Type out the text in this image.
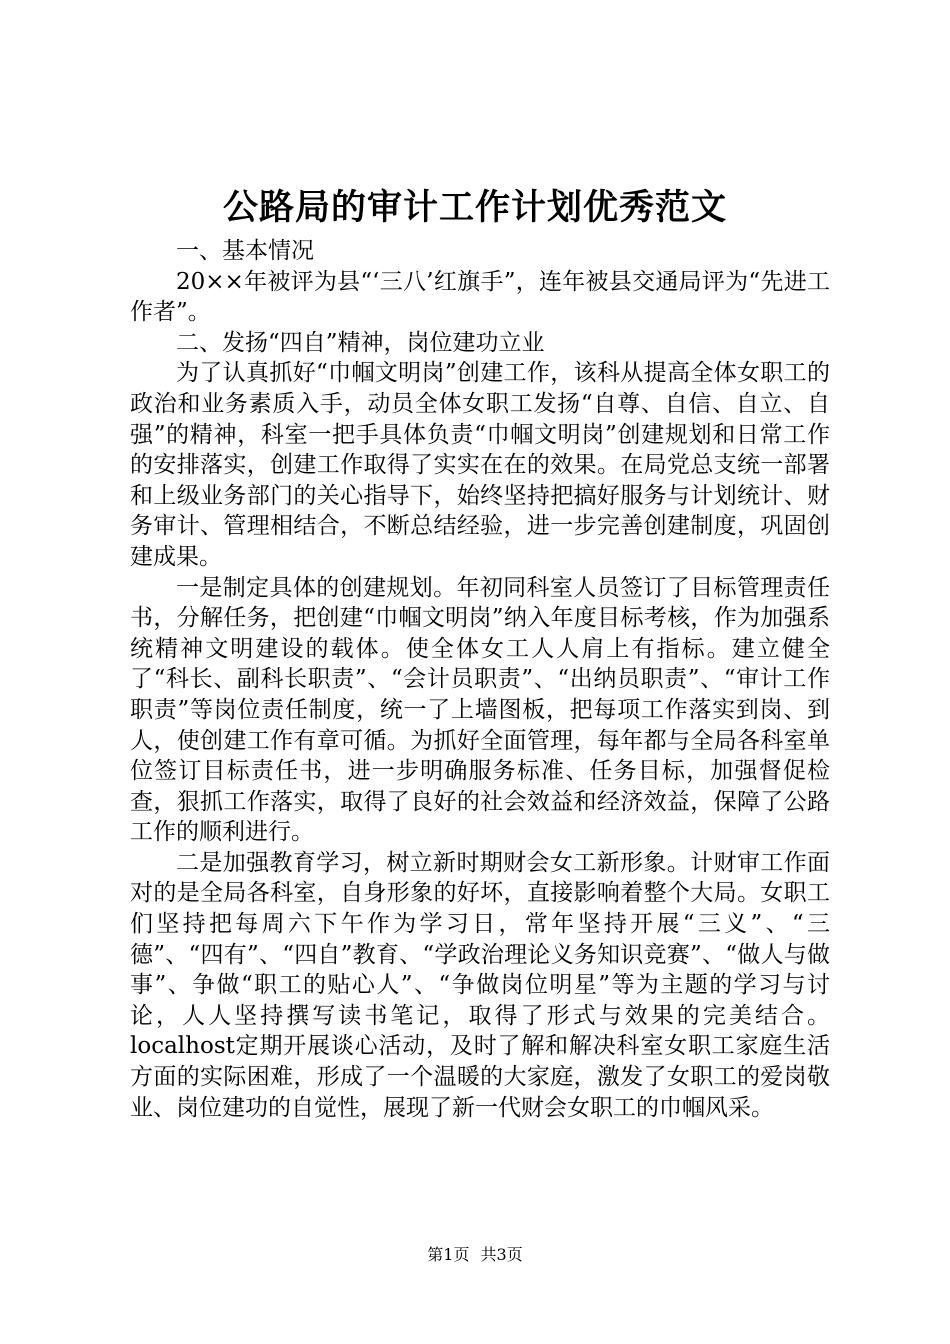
公路局的审计工作计划优秀范文

一、基本情况

20××年被评为县“‘三八’红旗手”，连年被县交通局评为“先进工作者”。

二、发扬“四自”精神，岗位建功立业

为了认真抓好“巾帼文明岗”创建工作，该科从提高全体女职工的政治和业务素质入手，动员全体女职工发扬“自尊、自信、自立、自强”的精神，科室一把手具体负责“巾帼文明岗”创建规划和日常工作的安排落实，创建工作取得了实实在在的效果。在局党总支统一部署和上级业务部门的关心指导下，始终坚持把搞好服务与计划统计、财务审计、管理相结合，不断总结经验，进一步完善创建制度，巩固创建成果。

一是制定具体的创建规划。年初同科室人员签订了目标管理责任书，分解任务，把创建“巾帼文明岗”纳入年度目标考核，作为加强系统精神文明建设的载体。使全体女工人人肩上有指标。建立健全了“科长、副科长职责”、“会计员职责”、“出纳员职责”、“审计工作职责”等岗位责任制度，统一了上墙图板，把每项工作落实到岗、到人，使创建工作有章可循。为抓好全面管理，每年都与全局各科室单位签订目标责任书，进一步明确服务标准、任务目标，加强督促检查，狠抓工作落实，取得了良好的社会效益和经济效益，保障了公路工作的顺利进行。

二是加强教育学习，树立新时期财会女工新形象。计财审工作面对的是全局各科室，自身形象的好坏，直接影响着整个大局。女职工们坚持把每周六下午作为学习日，常年坚持开展“三义”、“三德”、“四有”、“四自”教育、“学政治理论义务知识竞赛”、“做人与做事”、争做“职工的贴心人”、“争做岗位明星”等为主题的学习与讨论，人人坚持撰写读书笔记，取得了形式与效果的完美结合。localhost定期开展谈心活动，及时了解和解决科室女职工家庭生活方面的实际困难，形成了一个温暖的大家庭，激发了女职工的爱岗敬业、岗位建功的自觉性，展现了新一代财会女职工的巾帼风采。

第1页 共3页
